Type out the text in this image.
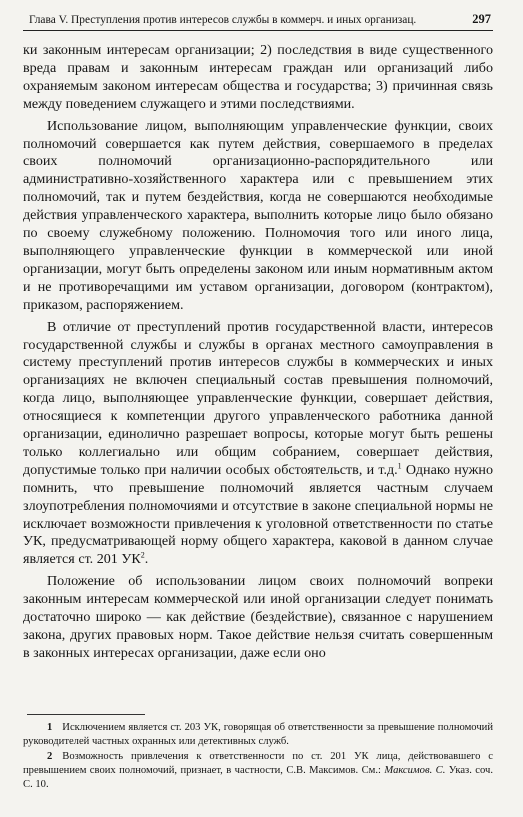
Глава V. Преступления против интересов службы в коммерч. и иных организац.	297

ки законным интересам организации; 2) последствия в виде существенного вреда правам и законным интересам граждан или организаций либо охраняемым законом интересам общества и государства; 3) причинная связь между поведением служащего и этими последствиями.

Использование лицом, выполняющим управленческие функции, своих полномочий совершается как путем действия, совершаемого в пределах своих полномочий организационно-распорядительного или административно-хозяйственного характера или с превышением этих полномочий, так и путем бездействия, когда не совершаются необходимые действия управленческого характера, выполнить которые лицо было обязано по своему служебному положению. Полномочия того или иного лица, выполняющего управленческие функции в коммерческой или иной организации, могут быть определены законом или иным нормативным актом и не противоречащими им уставом организации, договором (контрактом), приказом, распоряжением.

В отличие от преступлений против государственной власти, интересов государственной службы и службы в органах местного самоуправления в систему преступлений против интересов службы в коммерческих и иных организациях не включен специальный состав превышения полномочий, когда лицо, выполняющее управленческие функции, совершает действия, относящиеся к компетенции другого управленческого работника данной организации, единолично разрешает вопросы, которые могут быть решены только коллегиально или общим собранием, совершает действия, допустимые только при наличии особых обстоятельств, и т.д.$^1$ Однако нужно помнить, что превышение полномочий является частным случаем злоупотребления полномочиями и отсутствие в законе специальной нормы не исключает возможности привлечения к уголовной ответственности по статье УК, предусматривающей норму общего характера, каковой в данном случае является ст. 201 $УК^2$.

Положение об использовании лицом своих полномочий вопреки законным интересам коммерческой или иной организации следует понимать достаточно широко — как действие (бездействие), связанное с нарушением закона, других правовых норм. Такое действие нельзя считать совершенным в законных интересах организации, даже если оно

1 Исключением является ст. 203 УК, говорящая об ответственности за превышение полномочий руководителей частных охранных или детективных служб.

2 Возможность привлечения к ответственности по ст. 201 УК лица, действовавшего с превышением своих полномочий, признает, в частности, С.В. Максимов. См.: Максимов. С. Указ. соч. С. 10.
